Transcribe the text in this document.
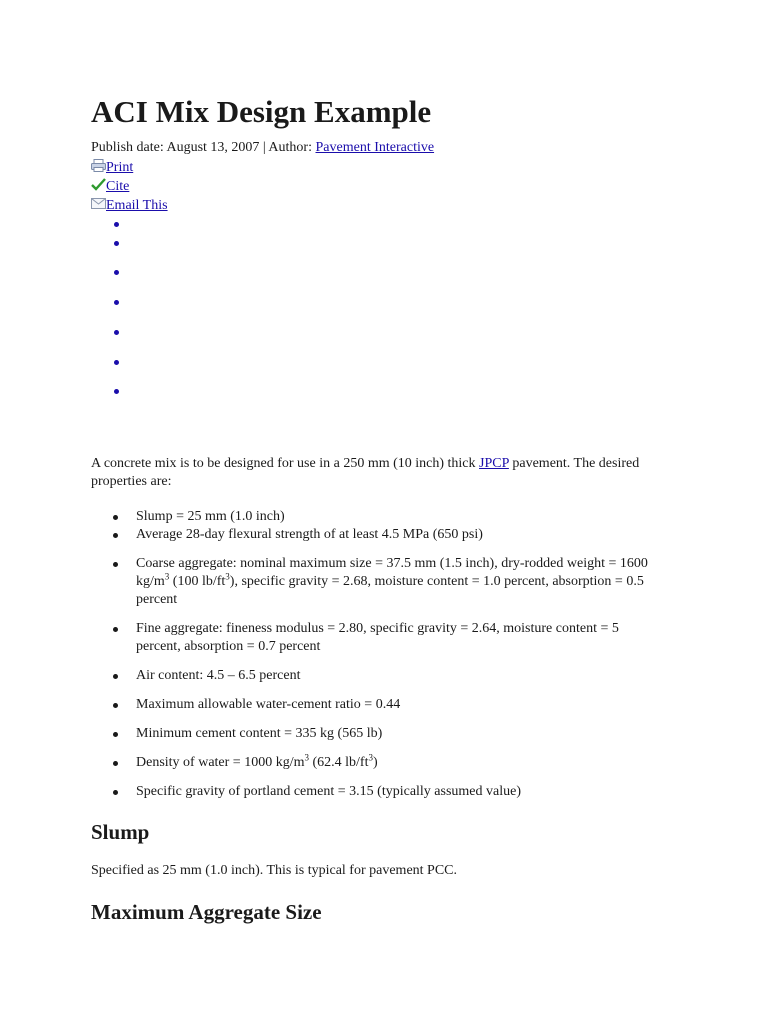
ACI Mix Design Example
Publish date: August 13, 2007 | Author: Pavement Interactive
Print
Cite
Email This

A concrete mix is to be designed for use in a 250 mm (10 inch) thick JPCP pavement. The desired properties are:

Slump = 25 mm (1.0 inch)
Average 28-day flexural strength of at least 4.5 MPa (650 psi)
Coarse aggregate: nominal maximum size = 37.5 mm (1.5 inch), dry-rodded weight = 1600 $kg/m^3$ (100 $lb/ft^3$), specific gravity = 2.68, moisture content = 1.0 percent, absorption = 0.5 percent
Fine aggregate: fineness modulus = 2.80, specific gravity = 2.64, moisture content = 5 percent, absorption = 0.7 percent
Air content: 4.5 – 6.5 percent
Maximum allowable water-cement ratio = 0.44
Minimum cement content = 335 kg (565 lb)
Density of water = 1000 $kg/m^3$ (62.4 $lb/ft^3$)
Specific gravity of portland cement = 3.15 (typically assumed value)
Slump

Specified as 25 mm (1.0 inch). This is typical for pavement PCC.

Maximum Aggregate Size
